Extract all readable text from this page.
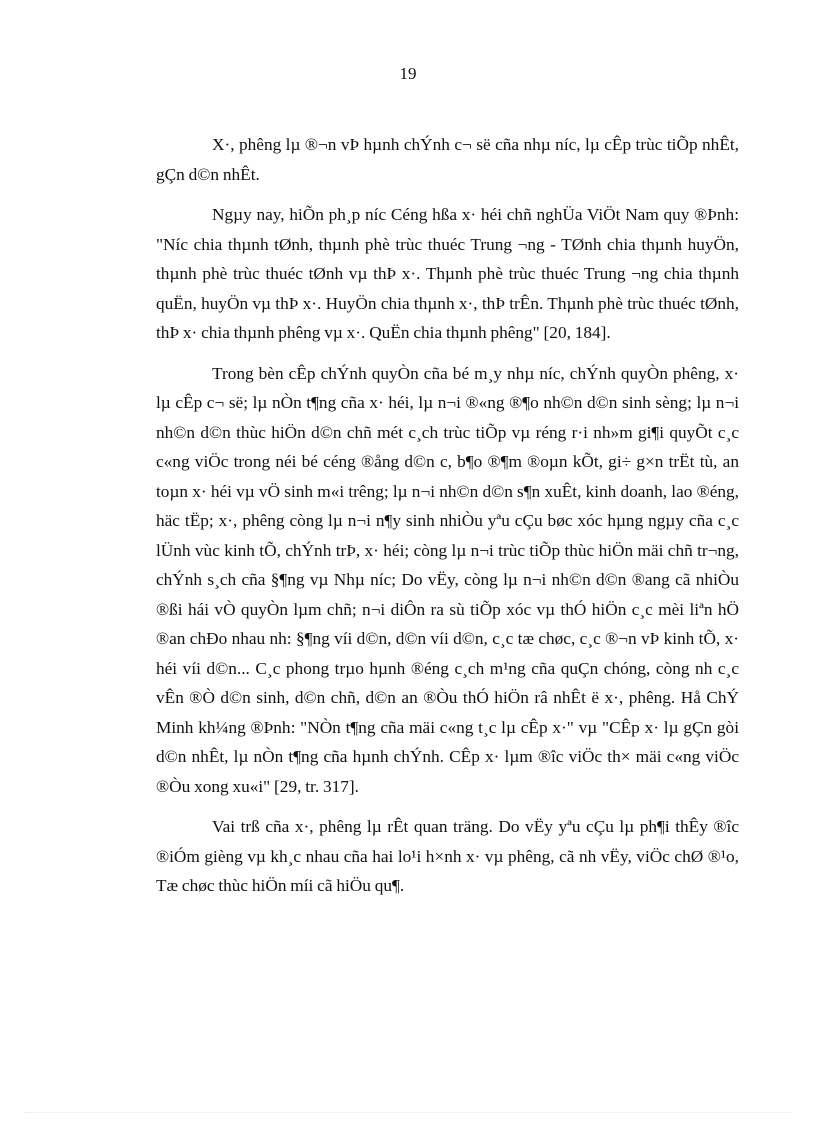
19

X·, phêng lµ ®¬n vÞ hµnh chÝnh c¬ së cña nhµ níc, lµ cÊp trùc tiÕp nhÊt, gÇn d©n nhÊt.

Ngµy nay, hiÕn ph¸p níc Céng hßa x· héi chñ nghÜa ViÖt Nam quy ®Þnh: "Níc chia thµnh tØnh, thµnh phè trùc thuéc Trung ¬ng - TØnh chia thµnh huyÖn, thµnh phè trùc thuéc tØnh vµ thÞ x·. Thµnh phè trùc thuéc Trung ¬ng chia thµnh quËn, huyÖn vµ thÞ x·. HuyÖn chia thµnh x·, thÞ trÊn. Thµnh phè trùc thuéc tØnh, thÞ x· chia thµnh phêng vµ x·. QuËn chia thµnh phêng" [20, 184].

Trong bèn cÊp chÝnh quyÒn cña bé m¸y nhµ níc, chÝnh quyÒn phêng, x· lµ cÊp c¬ së; lµ nÒn t¶ng cña x· héi, lµ n¬i ®«ng ®¶o nh©n d©n sinh sèng; lµ n¬i nh©n d©n thùc hiÖn d©n chñ mét c¸ch trùc tiÕp vµ réng r·i nh»m gi¶i quyÕt c¸c c«ng viÖc trong néi bé céng ®ång d©n c, b¶o ®¶m ®oµn kÕt, gi÷ g×n trËt tù, an toµn x· héi vµ vÖ sinh m«i trêng; lµ n¬i nh©n d©n s¶n xuÊt, kinh doanh, lao ®éng, häc tËp; x·, phêng còng lµ n¬i n¶y sinh nhiÒu yªu cÇu bøc xóc hµng ngµy cña c¸c lÜnh vùc kinh tÕ, chÝnh trÞ, x· héi; còng lµ n¬i trùc tiÕp thùc hiÖn mäi chñ tr¬ng, chÝnh s¸ch cña §¶ng vµ Nhµ níc; Do vËy, còng lµ n¬i nh©n d©n ®ang cã nhiÒu ®ßi hái vÒ quyÒn lµm chñ; n¬i diÔn ra sù tiÕp xóc vµ thÓ hiÖn c¸c mèi liªn hÖ ®an chÐo nhau nh: §¶ng víi d©n, d©n víi d©n, c¸c tæ chøc, c¸c ®¬n vÞ kinh tÕ, x· héi víi d©n... C¸c phong trµo hµnh ®éng c¸ch m¹ng cña quÇn chóng, còng nh c¸c vÊn ®Ò d©n sinh, d©n chñ, d©n an ®Òu thÓ hiÖn râ nhÊt ë x·, phêng. Hå ChÝ Minh kh¼ng ®Þnh: "NÒn t¶ng cña mäi c«ng t¸c lµ cÊp x·" vµ "CÊp x· lµ gÇn gòi d©n nhÊt, lµ nÒn t¶ng cña hµnh chÝnh. CÊp x· lµm ®îc viÖc th× mäi c«ng viÖc ®Òu xong xu«i" [29, tr. 317].

Vai trß cña x·, phêng lµ rÊt quan träng. Do vËy yªu cÇu lµ ph¶i thÊy ®îc ®iÓm gièng vµ kh¸c nhau cña hai lo¹i h×nh x· vµ phêng, cã nh vËy, viÖc chØ ®¹o, Tæ chøc thùc hiÖn míi cã hiÖu qu¶.
